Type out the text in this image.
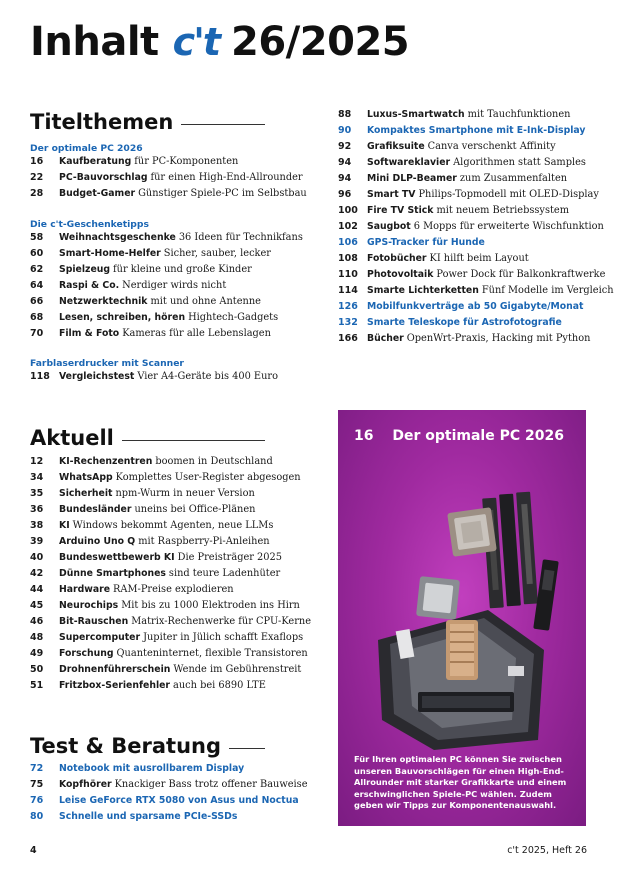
Inhalt c't 26/2025
Titelthemen
Der optimale PC 2026
16	Kaufberatung für PC-Komponenten
22	PC-Bauvorschlag für einen High-End-Allrounder
28	Budget-Gamer Günstiger Spiele-PC im Selbstbau
Die c't-Geschenketipps
58	Weihnachtsgeschenke 36 Ideen für Technikfans
60	Smart-Home-Helfer Sicher, sauber, lecker
62	Spielzeug für kleine und große Kinder
64	Raspi & Co. Nerdiger wirds nicht
66	Netzwerktechnik mit und ohne Antenne
68	Lesen, schreiben, hören Hightech-Gadgets
70	Film & Foto Kameras für alle Lebenslagen
Farblaserdrucker mit Scanner
118 Vergleichstest Vier A4-Geräte bis 400 Euro
Aktuell
12	KI-Rechenzentren boomen in Deutschland
34	WhatsApp Komplettes User-Register abgesogen
35	Sicherheit npm-Wurm in neuer Version
36	Bundesländer uneins bei Office-Plänen
38	KI Windows bekommt Agenten, neue LLMs
39	Arduino Uno Q mit Raspberry-Pi-Anleihen
40	Bundeswettbewerb KI Die Preisträger 2025
42	Dünne Smartphones sind teure Ladenhüter
44	Hardware RAM-Preise explodieren
45	Neurochips Mit bis zu 1000 Elektroden ins Hirn
46	Bit-Rauschen Matrix-Rechenwerke für CPU-Kerne
48	Supercomputer Jupiter in Jülich schafft Exaflops
49	Forschung Quanteninternet, flexible Transistoren
50	Drohnenführerschein Wende im Gebührenstreit
51	Fritzbox-Serienfehler auch bei 6890 LTE
Test & Beratung
72	Notebook mit ausrollbarem Display
75	Kopfhörer Knackiger Bass trotz offener Bauweise
76	Leise GeForce RTX 5080 von Asus und Noctua
80	Schnelle und sparsame PCIe-SSDs
88	Luxus-Smartwatch mit Tauchfunktionen
90	Kompaktes Smartphone mit E-Ink-Display
92	Grafiksuite Canva verschenkt Affinity
94	Softwareklavier Algorithmen statt Samples
94	Mini DLP-Beamer zum Zusammenfalten
96	Smart TV Philips-Topmodell mit OLED-Display
100 Fire TV Stick mit neuem Betriebssystem
102 Saugbot 6 Mopps für erweiterte Wischfunktion
106 GPS-Tracker für Hunde
108 Fotobücher KI hilft beim Layout
110 Photovoltaik Power Dock für Balkonkraftwerke
114 Smarte Lichterketten Fünf Modelle im Vergleich
126 Mobilfunkverträge ab 50 Gigabyte/Monat
132 Smarte Teleskope für Astrofotografie
166 Bücher OpenWrt-Praxis, Hacking mit Python
16 Der optimale PC 2026
Für Ihren optimalen PC können Sie zwischen unseren Bauvorschlägen für einen High-End-Allrounder mit starker Grafikkarte und einem erschwinglichen Spiele-PC wählen. Zudem geben wir Tipps zur Komponentenauswahl.
4	c't 2025, Heft 26
